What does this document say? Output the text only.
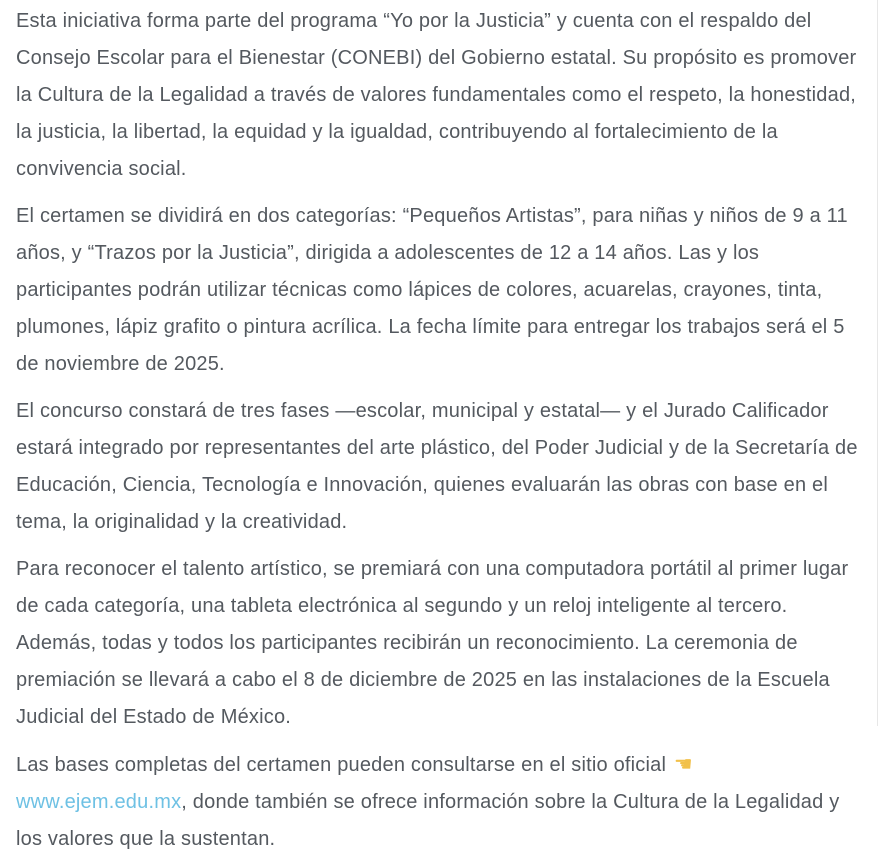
Esta iniciativa forma parte del programa “Yo por la Justicia” y cuenta con el respaldo del Consejo Escolar para el Bienestar (CONEBI) del Gobierno estatal. Su propósito es promover la Cultura de la Legalidad a través de valores fundamentales como el respeto, la honestidad, la justicia, la libertad, la equidad y la igualdad, contribuyendo al fortalecimiento de la convivencia social.

El certamen se dividirá en dos categorías: “Pequeños Artistas”, para niñas y niños de 9 a 11 años, y “Trazos por la Justicia”, dirigida a adolescentes de 12 a 14 años. Las y los participantes podrán utilizar técnicas como lápices de colores, acuarelas, crayones, tinta, plumones, lápiz grafito o pintura acrílica. La fecha límite para entregar los trabajos será el 5 de noviembre de 2025.

El concurso constará de tres fases —escolar, municipal y estatal— y el Jurado Calificador estará integrado por representantes del arte plástico, del Poder Judicial y de la Secretaría de Educación, Ciencia, Tecnología e Innovación, quienes evaluarán las obras con base en el tema, la originalidad y la creatividad.

Para reconocer el talento artístico, se premiará con una computadora portátil al primer lugar de cada categoría, una tableta electrónica al segundo y un reloj inteligente al tercero. Además, todas y todos los participantes recibirán un reconocimiento. La ceremonia de premiación se llevará a cabo el 8 de diciembre de 2025 en las instalaciones de la Escuela Judicial del Estado de México.

Las bases completas del certamen pueden consultarse en el sitio oficial ☚ www.ejem.edu.mx, donde también se ofrece información sobre la Cultura de la Legalidad y los valores que la sustentan.
